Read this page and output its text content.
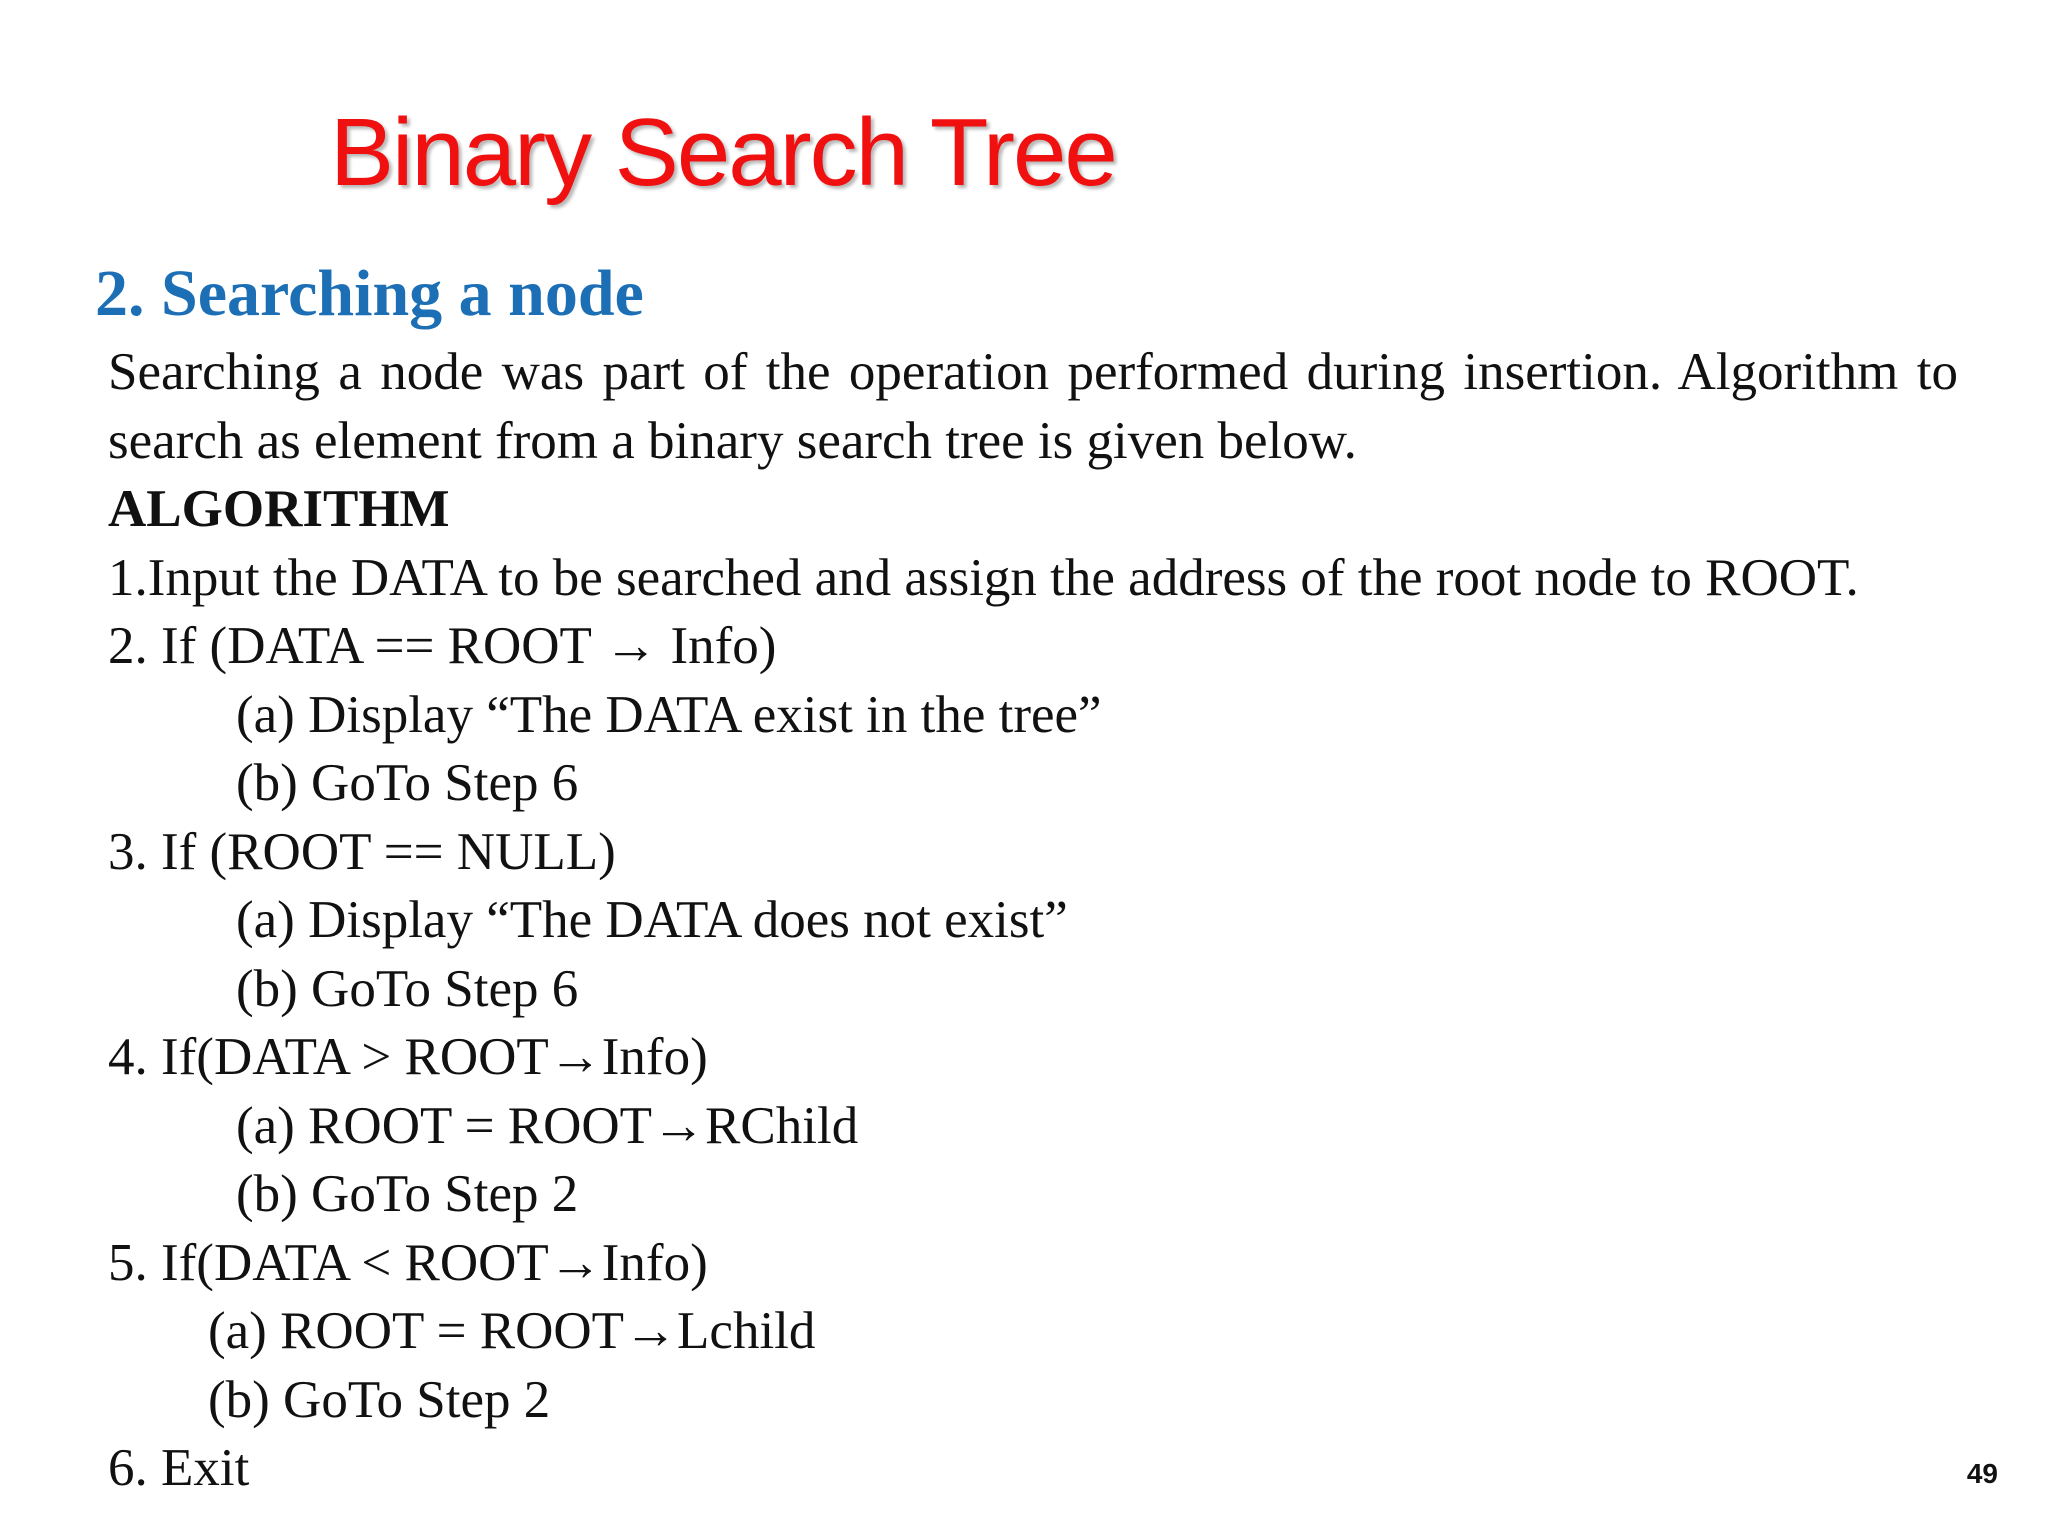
Binary Search Tree
2. Searching a node

Searching a node was part of the operation performed during insertion. Algorithm to search as element from a binary search tree is given below.

ALGORITHM

1.Input the DATA to be searched and assign the address of the root node to ROOT.

2. If (DATA == ROOT → Info)
(a) Display “The DATA exist in the tree”
(b) GoTo Step 6
3. If (ROOT == NULL)
(a) Display “The DATA does not exist”
(b) GoTo Step 6
4. If(DATA > ROOT→Info)
(a) ROOT = ROOT→RChild
(b) GoTo Step 2
5. If(DATA < ROOT→Info)
(a) ROOT = ROOT→Lchild
(b) GoTo Step 2
6. Exit	49
